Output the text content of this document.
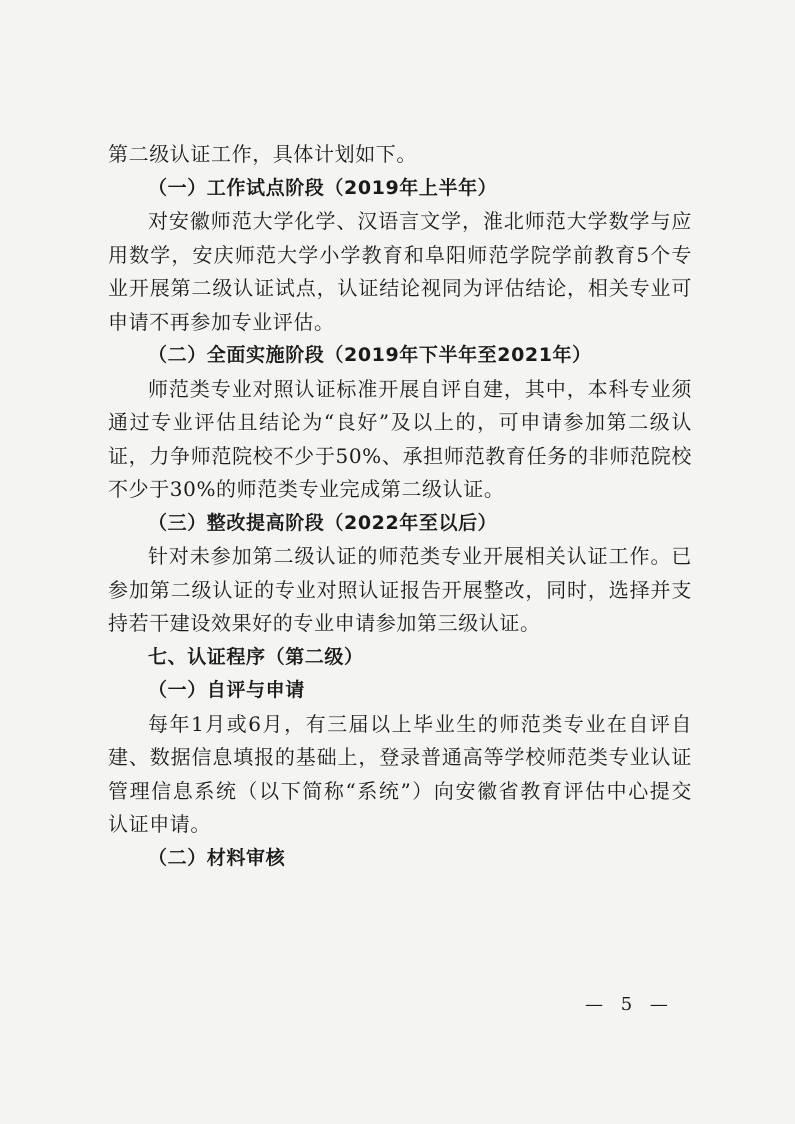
第二级认证工作，具体计划如下。
（一）工作试点阶段（2019年上半年）
对安徽师范大学化学、汉语言文学，淮北师范大学数学与应
用数学，安庆师范大学小学教育和阜阳师范学院学前教育5个专
业开展第二级认证试点，认证结论视同为评估结论，相关专业可
申请不再参加专业评估。
（二）全面实施阶段（2019年下半年至2021年）
师范类专业对照认证标准开展自评自建，其中，本科专业须
通过专业评估且结论为“良好”及以上的，可申请参加第二级认
证，力争师范院校不少于50%、承担师范教育任务的非师范院校
不少于30%的师范类专业完成第二级认证。
（三）整改提高阶段（2022年至以后）
针对未参加第二级认证的师范类专业开展相关认证工作。已
参加第二级认证的专业对照认证报告开展整改，同时，选择并支
持若干建设效果好的专业申请参加第三级认证。
七、认证程序（第二级）
（一）自评与申请
每年1月或6月，有三届以上毕业生的师范类专业在自评自
建、数据信息填报的基础上，登录普通高等学校师范类专业认证
管理信息系统（以下简称“系统”）向安徽省教育评估中心提交
认证申请。
（二）材料审核
— 5 —
